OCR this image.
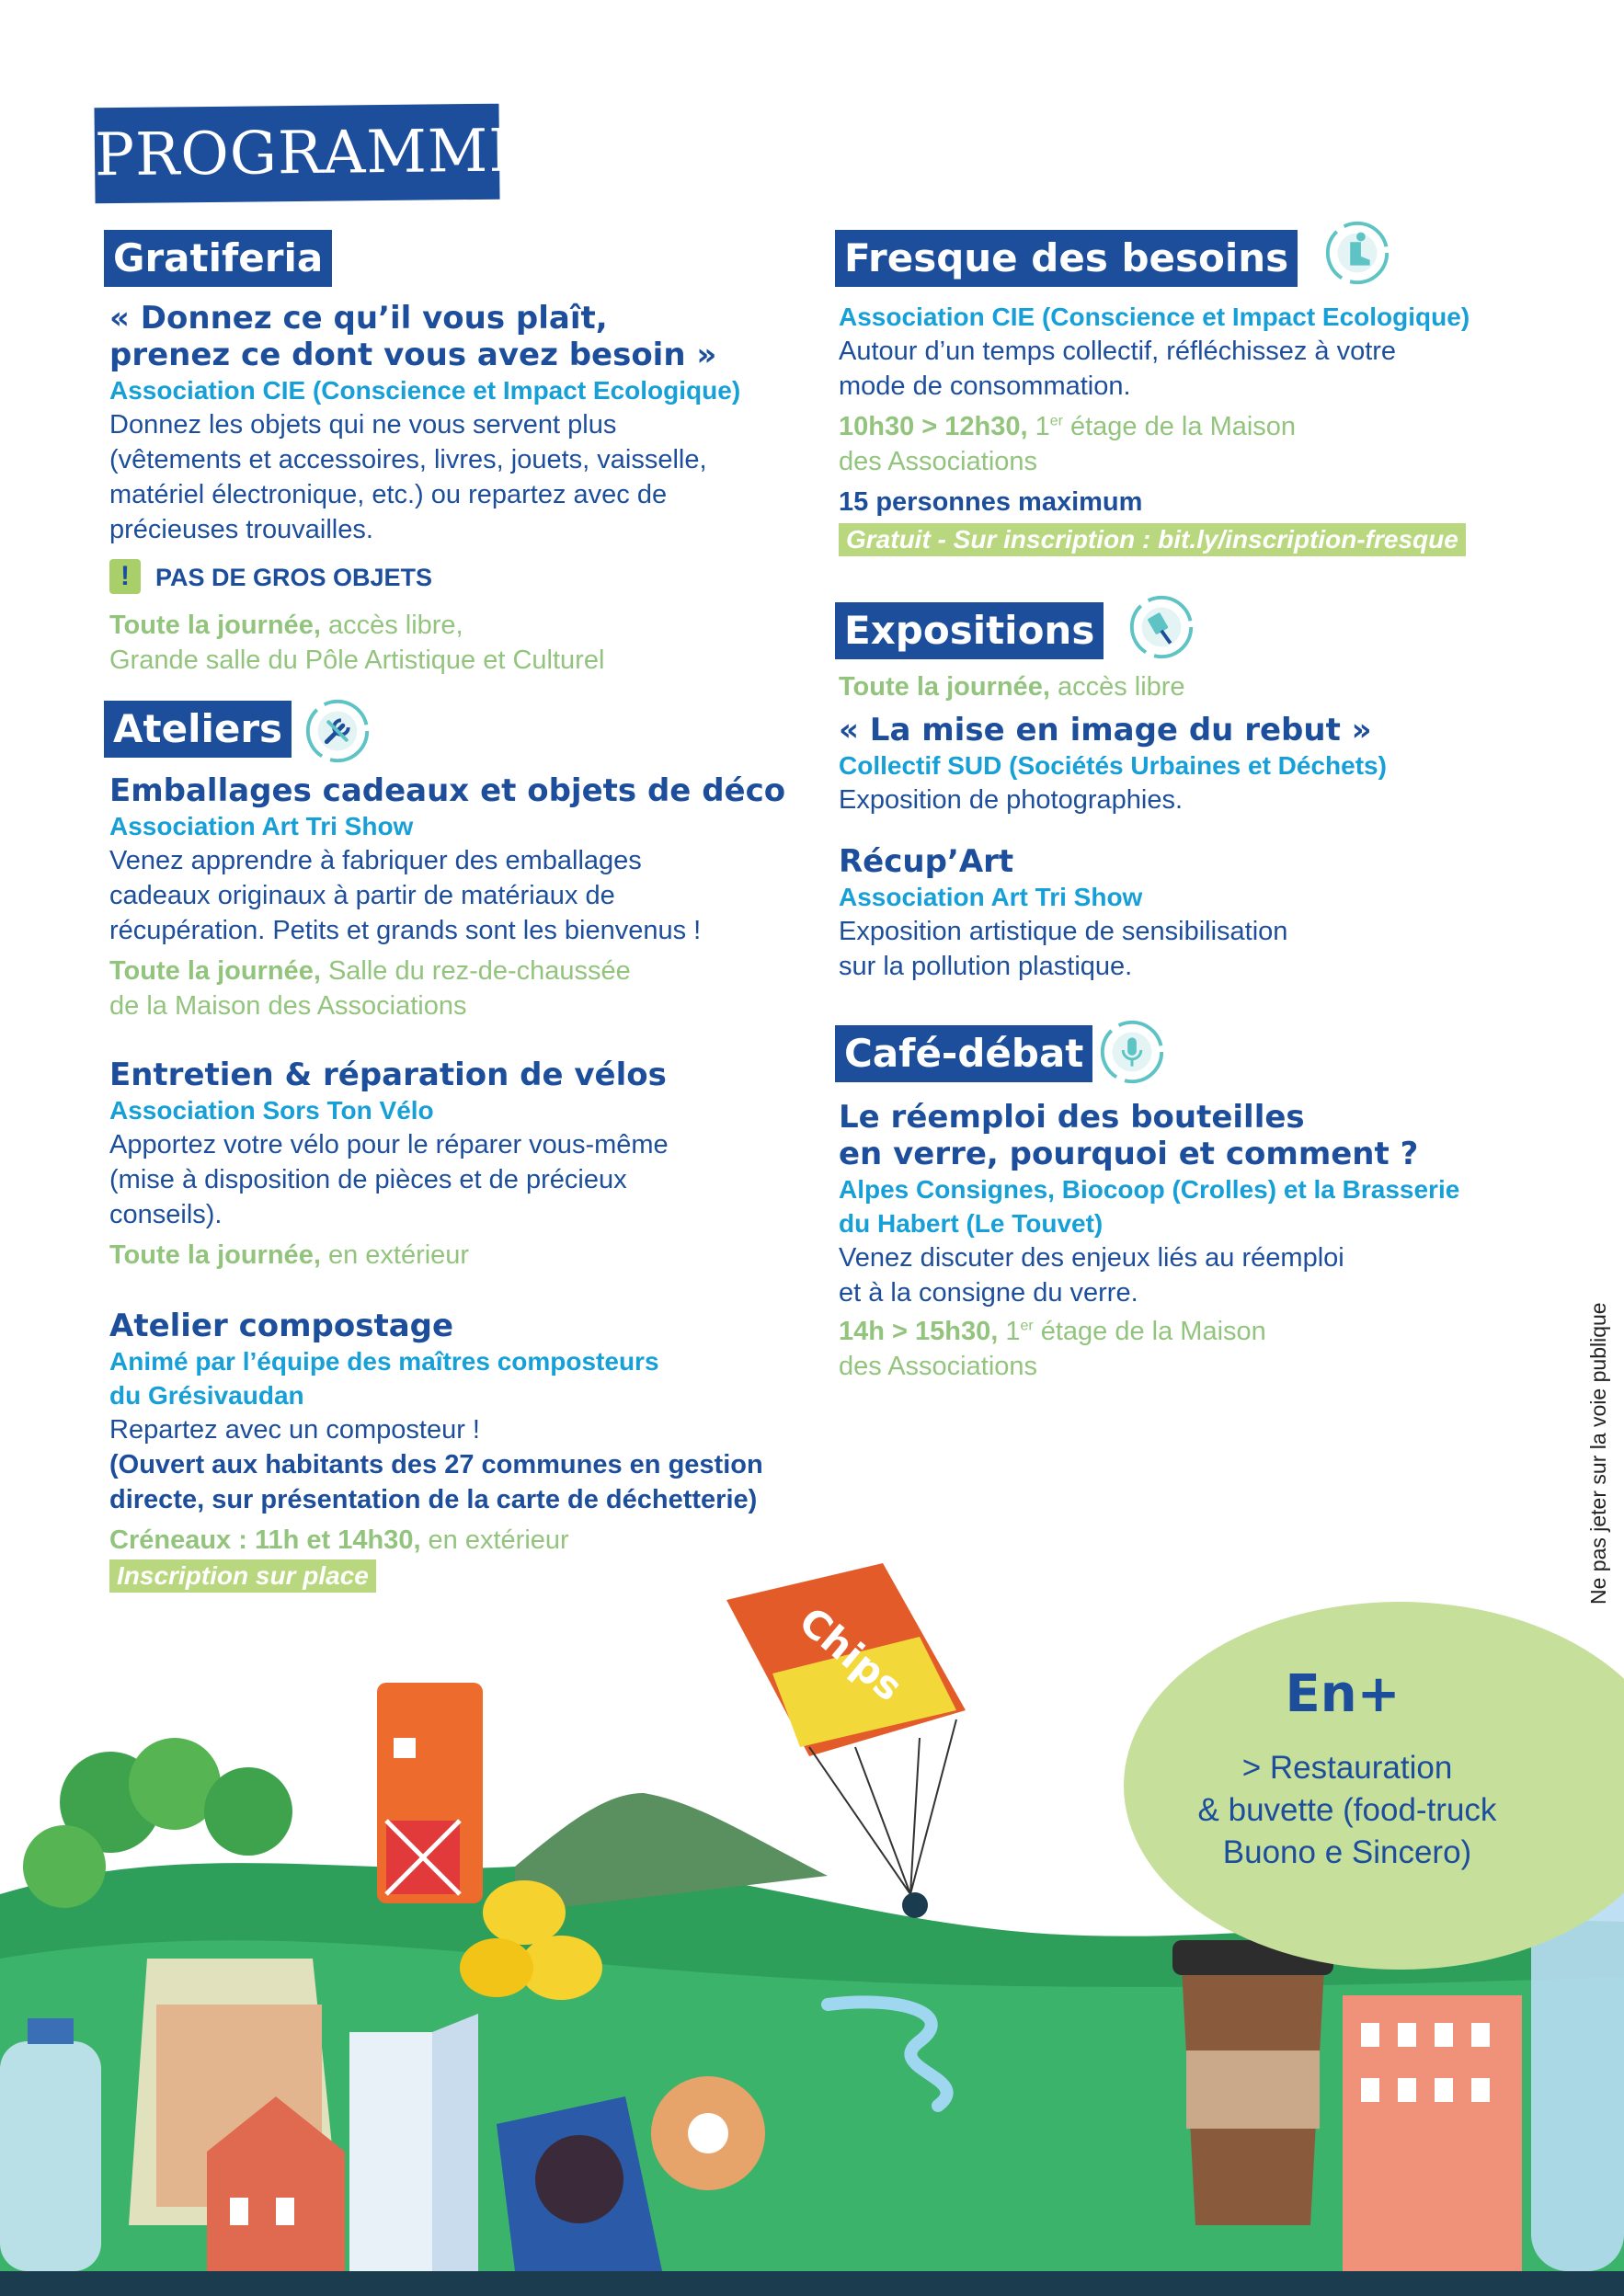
PROGRAMME
Gratiferia
« Donnez ce qu’il vous plaît,
prenez ce dont vous avez besoin »
Association CIE (Conscience et Impact Ecologique)
Donnez les objets qui ne vous servent plus
(vêtements et accessoires, livres, jouets, vaisselle,
matériel électronique, etc.) ou repartez avec de
précieuses trouvailles.
! PAS DE GROS OBJETS
Toute la journée, accès libre,
Grande salle du Pôle Artistique et Culturel
Ateliers
Emballages cadeaux et objets de déco
Association Art Tri Show
Venez apprendre à fabriquer des emballages
cadeaux originaux à partir de matériaux de
récupération. Petits et grands sont les bienvenus !
Toute la journée, Salle du rez-de-chaussée
de la Maison des Associations
Entretien & réparation de vélos
Association Sors Ton Vélo
Apportez votre vélo pour le réparer vous-même
(mise à disposition de pièces et de précieux
conseils).
Toute la journée, en extérieur
Atelier compostage
Animé par l’équipe des maîtres composteurs
du Grésivaudan
Repartez avec un composteur !
(Ouvert aux habitants des 27 communes en gestion
directe, sur présentation de la carte de déchetterie)
Créneaux : 11h et 14h30, en extérieur
Inscription sur place
Fresque des besoins
Association CIE (Conscience et Impact Ecologique)
Autour d’un temps collectif, réfléchissez à votre
mode de consommation.
10h30 > 12h30, 1er étage de la Maison
des Associations
15 personnes maximum
Gratuit - Sur inscription : bit.ly/inscription-fresque
Expositions
Toute la journée, accès libre
« La mise en image du rebut »
Collectif SUD (Sociétés Urbaines et Déchets)
Exposition de photographies.
Récup’Art
Association Art Tri Show
Exposition artistique de sensibilisation
sur la pollution plastique.
Café-débat
Le réemploi des bouteilles
en verre, pourquoi et comment ?
Alpes Consignes, Biocoop (Crolles) et la Brasserie
du Habert (Le Touvet)
Venez discuter des enjeux liés au réemploi
et à la consigne du verre.
14h > 15h30, 1er étage de la Maison
des Associations	Ne pas jeter sur la voie publique
Chips	En+
> Restauration
& buvette (food-truck
Buono e Sincero)
